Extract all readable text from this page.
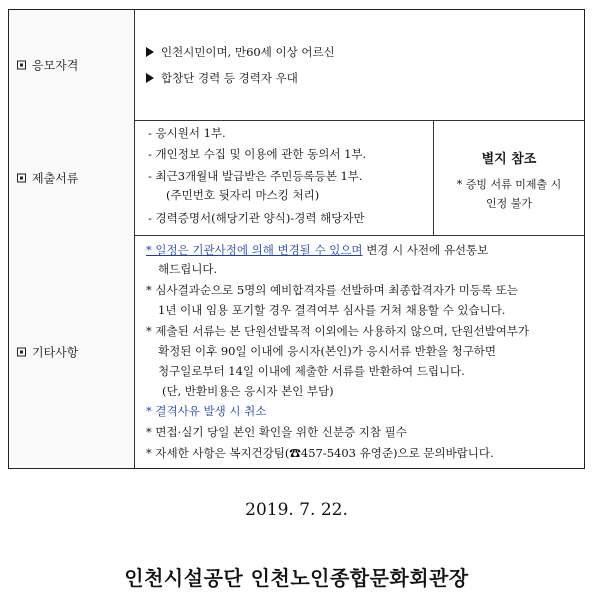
응모자격
인천시민이며, 만60세 이상 어르신
합창단 경력 등 경력자 우대
제출서류
- 응시원서 1부.
- 개인정보 수집 및 이용에 관한 동의서 1부.
- 최근3개월내 발급받은 주민등록등본 1부.
(주민번호 뒷자리 마스킹 처리)
- 경력증명서(해당기관 양식)-경력 해당자만
별지 참조
* 증빙 서류 미제출 시
인정 불가
기타사항
* 일정은 기관사정에 의해 변경될 수 있으며 변경 시 사전에 유선통보
해드립니다.
* 심사결과순으로 5명의 예비합격자를 선발하며 최종합격자가 미등록 또는
1년 이내 임용 포기할 경우 결격여부 심사를 거쳐 채용할 수 있습니다.
* 제출된 서류는 본 단원선발목적 이외에는 사용하지 않으며, 단원선발여부가
확정된 이후 90일 이내에 응시자(본인)가 응시서류 반환을 청구하면
청구일로부터 14일 이내에 제출한 서류를 반환하여 드립니다.
(단, 반환비용은 응시자 본인 부담)
* 결격사유 발생 시 취소
* 면접·실기 당일 본인 확인을 위한 신분증 지참 필수
* 자세한 사항은 복지건강팀(☎457-5403 유영준)으로 문의바랍니다.
2019. 7. 22.
인천시설공단 인천노인종합문화회관장
